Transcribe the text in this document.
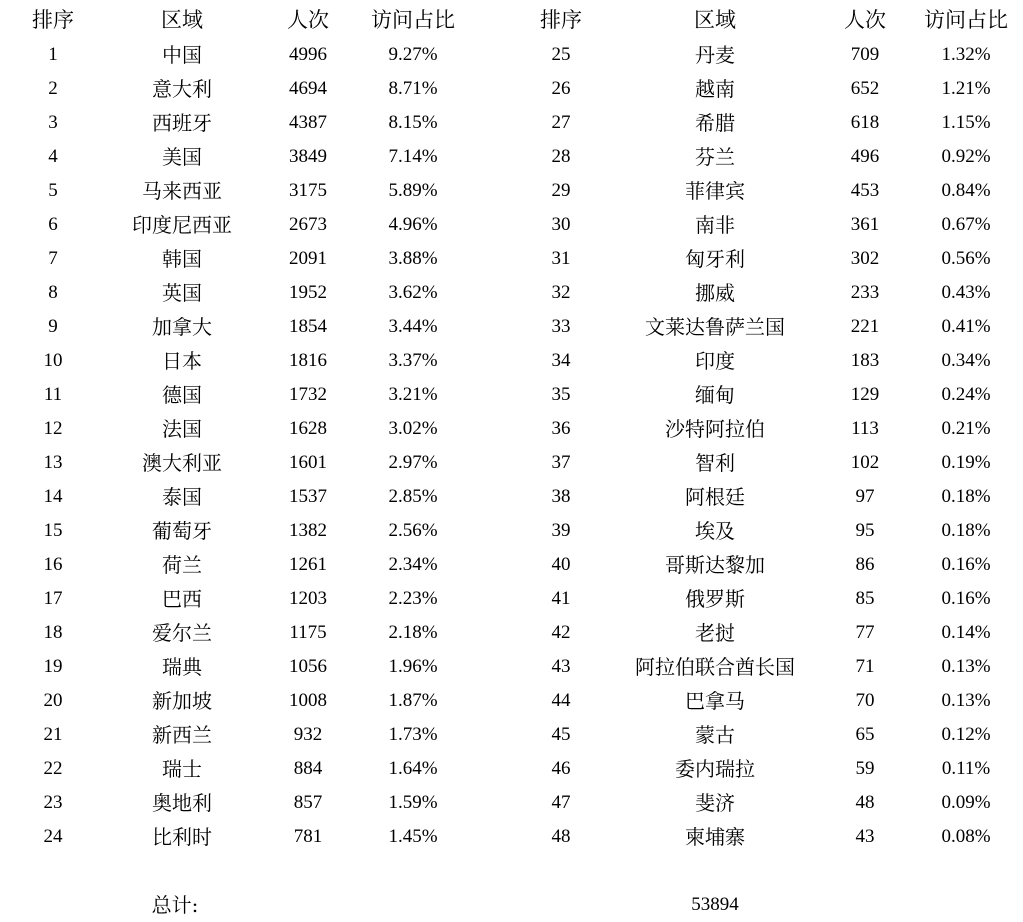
排序	区域	人次	访问占比
1	中国	4996	9.27%
2	意大利	4694	8.71%
3	西班牙	4387	8.15%
4	美国	3849	7.14%
5	马来西亚	3175	5.89%
6	印度尼西亚	2673	4.96%
7	韩国	2091	3.88%
8	英国	1952	3.62%
9	加拿大	1854	3.44%
10	日本	1816	3.37%
11	德国	1732	3.21%
12	法国	1628	3.02%
13	澳大利亚	1601	2.97%
14	泰国	1537	2.85%
15	葡萄牙	1382	2.56%
16	荷兰	1261	2.34%
17	巴西	1203	2.23%
18	爱尔兰	1175	2.18%
19	瑞典	1056	1.96%
20	新加坡	1008	1.87%
21	新西兰	932	1.73%
22	瑞士	884	1.64%
23	奥地利	857	1.59%
24	比利时	781	1.45%
排序	区域	人次	访问占比
25	丹麦	709	1.32%
26	越南	652	1.21%
27	希腊	618	1.15%
28	芬兰	496	0.92%
29	菲律宾	453	0.84%
30	南非	361	0.67%
31	匈牙利	302	0.56%
32	挪威	233	0.43%
33	文莱达鲁萨兰国	221	0.41%
34	印度	183	0.34%
35	缅甸	129	0.24%
36	沙特阿拉伯	113	0.21%
37	智利	102	0.19%
38	阿根廷	97	0.18%
39	埃及	95	0.18%
40	哥斯达黎加	86	0.16%
41	俄罗斯	85	0.16%
42	老挝	77	0.14%
43	阿拉伯联合酋长国	71	0.13%
44	巴拿马	70	0.13%
45	蒙古	65	0.12%
46	委内瑞拉	59	0.11%
47	斐济	48	0.09%
48	柬埔寨	43	0.08%
总计:	53894
